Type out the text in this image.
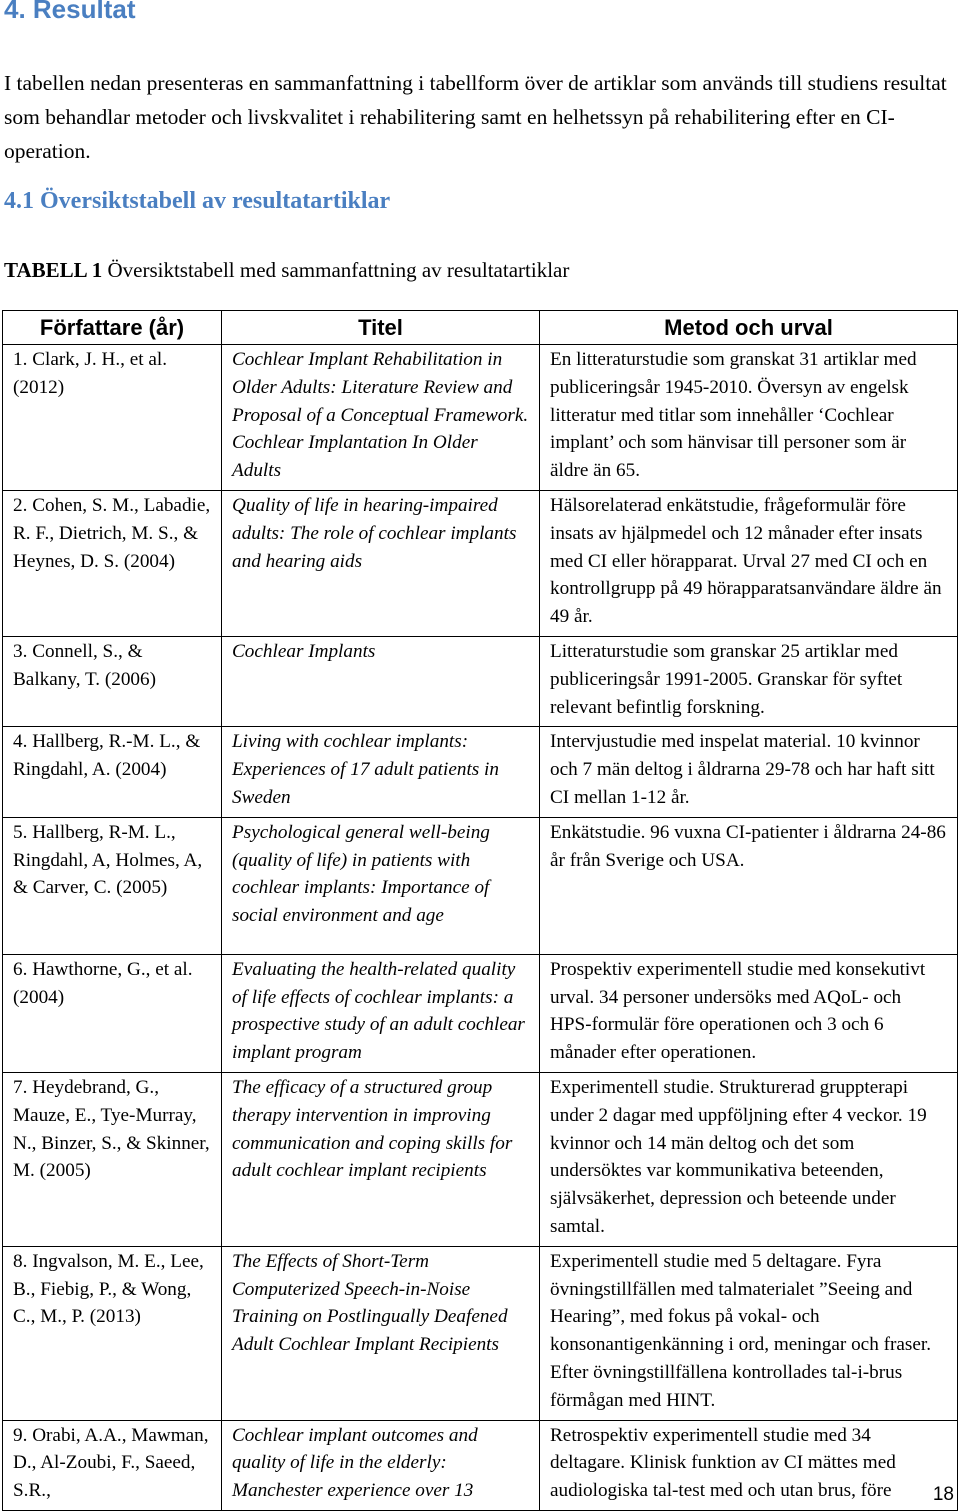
4. Resultat

I tabellen nedan presenteras en sammanfattning i tabellform över de artiklar som används till studiens resultat som behandlar metoder och livskvalitet i rehabilitering samt en helhetssyn på rehabilitering efter en CI-operation.

4.1 Översiktstabell av resultatartiklar

TABELL 1 Översiktstabell med sammanfattning av resultatartiklar

Författare (år)	Titel	Metod och urval
1. Clark, J. H., et al. (2012)	Cochlear Implant Rehabilitation in Older Adults: Literature Review and Proposal of a Conceptual Framework. Cochlear Implantation In Older Adults	En litteraturstudie som granskat 31 artiklar med publiceringsår 1945-2010. Översyn av engelsk litteratur med titlar som innehåller ‘Cochlear implant’ och som hänvisar till personer som är äldre än 65.
2. Cohen, S. M., Labadie, R. F., Dietrich, M. S., & Heynes, D. S. (2004)	Quality of life in hearing-impaired adults: The role of cochlear implants and hearing aids	Hälsorelaterad enkätstudie, frågeformulär före insats av hjälpmedel och 12 månader efter insats med CI eller hörapparat. Urval 27 med CI och en kontrollgrupp på 49 hörapparatsanvändare äldre än 49 år.
3. Connell, S., & Balkany, T. (2006)	Cochlear Implants	Litteraturstudie som granskar 25 artiklar med publiceringsår 1991-2005. Granskar för syftet relevant befintlig forskning.
4. Hallberg, R.-M. L., & Ringdahl, A. (2004)	Living with cochlear implants: Experiences of 17 adult patients in Sweden	Intervjustudie med inspelat material. 10 kvinnor och 7 män deltog i åldrarna 29-78 och har haft sitt CI mellan 1-12 år.
5. Hallberg, R-M. L., Ringdahl, A, Holmes, A, & Carver, C. (2005)	Psychological general well-being (quality of life) in patients with cochlear implants: Importance of social environment and age	Enkätstudie. 96 vuxna CI-patienter i åldrarna 24-86 år från Sverige och USA.
6. Hawthorne, G., et al. (2004)	Evaluating the health-related quality of life effects of cochlear implants: a prospective study of an adult cochlear implant program	Prospektiv experimentell studie med konsekutivt urval. 34 personer undersöks med AQoL- och HPS-formulär före operationen och 3 och 6 månader efter operationen.
7. Heydebrand, G., Mauze, E., Tye-Murray, N., Binzer, S., & Skinner, M. (2005)	The efficacy of a structured group therapy intervention in improving communication and coping skills for adult cochlear implant recipients	Experimentell studie. Strukturerad gruppterapi under 2 dagar med uppföljning efter 4 veckor. 19 kvinnor och 14 män deltog och det som undersöktes var kommunikativa beteenden, självsäkerhet, depression och beteende under samtal.
8. Ingvalson, M. E., Lee, B., Fiebig, P., & Wong, C., M., P. (2013)	The Effects of Short-Term Computerized Speech-in-Noise Training on Postlingually Deafened Adult Cochlear Implant Recipients	Experimentell studie med 5 deltagare. Fyra övningstillfällen med talmaterialet ”Seeing and Hearing”, med fokus på vokal- och konsonantigenkänning i ord, meningar och fraser. Efter övningstillfällena kontrollades tal-i-brus förmågan med HINT.
9. Orabi, A.A., Mawman, D., Al-Zoubi, F., Saeed, S.R.,	Cochlear implant outcomes and quality of life in the elderly: Manchester experience over 13	Retrospektiv experimentell studie med 34 deltagare. Klinisk funktion av CI mättes med audiologiska tal-test med och utan brus, före 18
